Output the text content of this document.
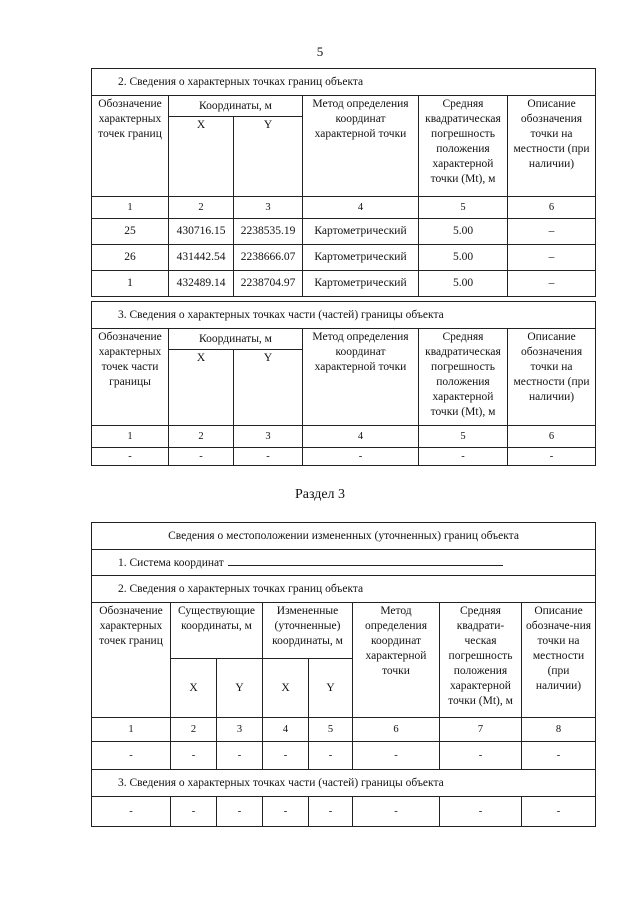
5
2. Сведения о характерных точках границ объекта					
Обозначение характерных точек границ	Координаты, м		Метод определения координат характерной точки	Средняя квадратическая погрешность положения характерной точки (Mt), м	Описание обозначения точки на местности (при наличии)
	X	Y			
1	2	3	4	5	6
25	430716.15	2238535.19	Картометрический	5.00	–
26	431442.54	2238666.07	Картометрический	5.00	–
1	432489.14	2238704.97	Картометрический	5.00	–
3. Сведения о характерных точках части (частей) границы объекта					
Обозначение характерных точек части границы	Координаты, м		Метод определения координат характерной точки	Средняя квадратическая погрешность положения характерной точки (Mt), м	Описание обозначения точки на местности (при наличии)
	X	Y			
1	2	3	4	5	6
-	-	-	-	-	-
Раздел 3
Сведения о местоположении измененных (уточненных) границ объекта							
1. Система координат							
2. Сведения о характерных точках границ объекта							
Обозначение характерных точек границ	Существующие координаты, м		Измененные (уточненные) координаты, м		Метод определения координат характерной точки	Средняя квадрати-ческая погрешность положения характерной точки (Mt), м	Описание обозначе-ния точки на местности (при наличии)
	X	Y	X	Y			
1	2	3	4	5	6	7	8
-	-	-	-	-	-	-	-
3. Сведения о характерных точках части (частей) границы объекта							
-	-	-	-	-	-	-	-
